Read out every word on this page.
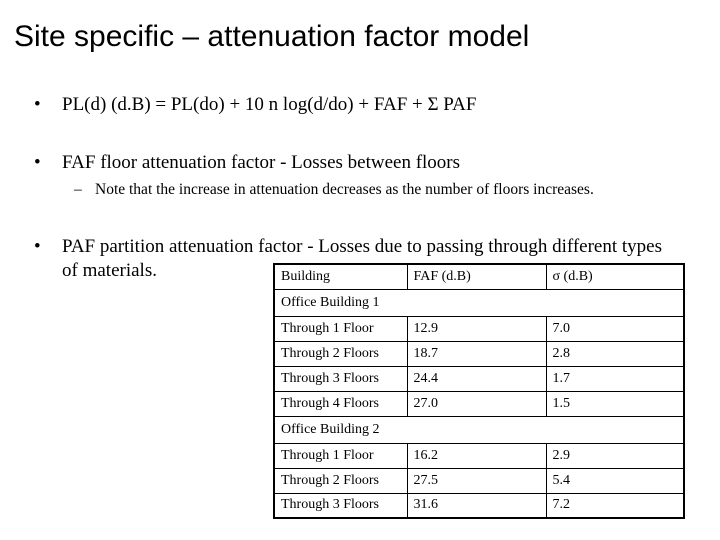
Site specific – attenuation factor model
• PL(d) (d.B) = PL(do) + 10 n log(d/do) + FAF + Σ PAF
• FAF floor attenuation factor - Losses between floors
– Note that the increase in attenuation decreases as the number of floors increases.
• PAF partition attenuation factor - Losses due to passing through different types
of materials.	Building	FAF (d.B)	σ (d.B)
Office Building 1		
Through 1 Floor	12.9	7.0
Through 2 Floors	18.7	2.8
Through 3 Floors	24.4	1.7
Through 4 Floors	27.0	1.5
Office Building 2		
Through 1 Floor	16.2	2.9
Through 2 Floors	27.5	5.4
Through 3 Floors	31.6	7.2
